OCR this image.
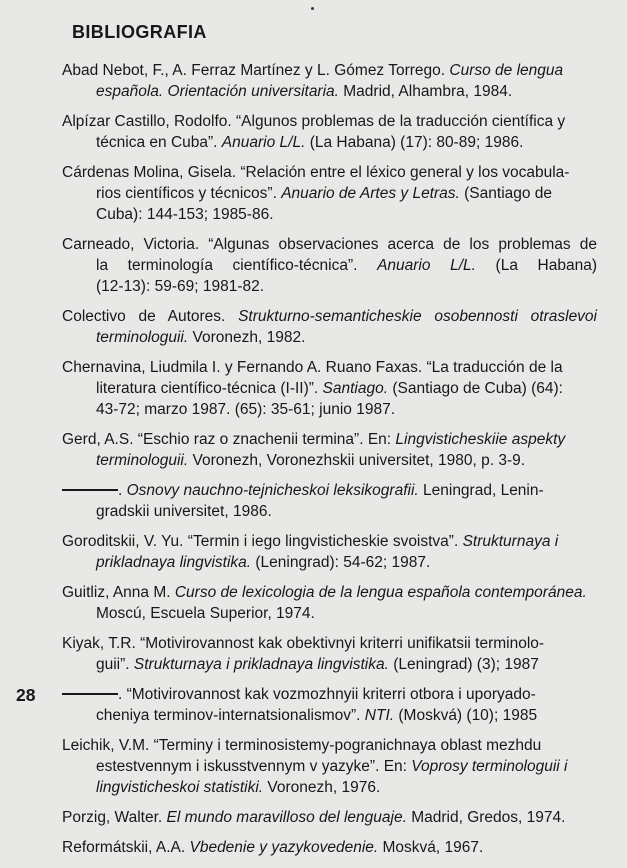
BIBLIOGRAFIA
Abad Nebot, F., A. Ferraz Martínez y L. Gómez Torrego. Curso de lengua
española. Orientación universitaria. Madrid, Alhambra, 1984.
Alpízar Castillo, Rodolfo. “Algunos problemas de la traducción científica y
técnica en Cuba”. Anuario L/L. (La Habana) (17): 80-89; 1986.
Cárdenas Molina, Gisela. “Relación entre el léxico general y los vocabula-
rios científicos y técnicos”. Anuario de Artes y Letras. (Santiago de
Cuba): 144-153; 1985-86.
Carneado, Victoria. “Algunas observaciones acerca de los problemas de
la terminología científico-técnica”. Anuario L/L. (La Habana)
(12-13): 59-69; 1981-82.
Colectivo de Autores. Strukturno-semanticheskie osobennosti otraslevoi
terminologuii. Voronezh, 1982.
Chernavina, Liudmila I. y Fernando A. Ruano Faxas. “La traducción de la
literatura científico-técnica (I-II)”. Santiago. (Santiago de Cuba) (64):
43-72; marzo 1987. (65): 35-61; junio 1987.
Gerd, A.S. “Eschio raz o znachenii termina”. En: Lingvisticheskiie aspekty
terminologuii. Voronezh, Voronezhskii universitet, 1980, p. 3-9.
. Osnovy nauchno-tejnicheskoi leksikografii. Leningrad, Lenin-
gradskii universitet, 1986.
Goroditskii, V. Yu. “Termin i iego lingvisticheskie svoistva”. Strukturnaya i
prikladnaya lingvistika. (Leningrad): 54-62; 1987.
Guitliz, Anna M. Curso de lexicologia de la lengua española contemporánea.
Moscú, Escuela Superior, 1974.
Kiyak, T.R. “Motivirovannost kak obektivnyi kriterri unifikatsii terminolo-
guii”. Strukturnaya i prikladnaya lingvistika. (Leningrad) (3); 1987
. “Motivirovannost kak vozmozhnyii kriterri otbora i uporyado-
cheniya terminov-internatsionalismov”. NTI. (Moskvá) (10); 1985
Leichik, V.M. “Terminy i terminosistemy-pogranichnaya oblast mezhdu
estestvennym i iskusstvennym v yazyke”. En: Voprosy terminologuii i
lingvisticheskoi statistiki. Voronezh, 1976.
Porzig, Walter. El mundo maravilloso del lenguaje. Madrid, Gredos, 1974.
Reformátskii, A.A. Vbedenie y yazykovedenie. Moskvá, 1967.
28
